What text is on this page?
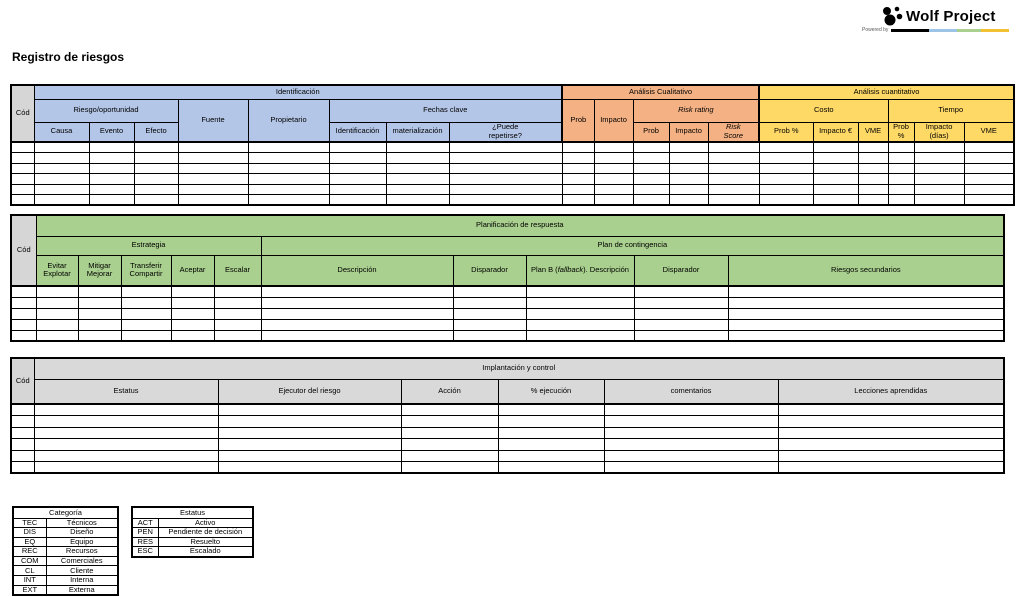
Wolf Project
Powered by
Registro de riesgos
Cód	Identificación								Análisis Cualitativo					Análisis cuantitativo					
	Riesgo/oportunidad			Fuente	Propietario	Fechas clave			Prob	Impacto	Risk rating			Costo			Tiempo		
	Causa	Evento	Efecto			Identificación	materialización	¿Puede repetirse?			Prob	Impacto	Risk Score	Prob %	Impacto €	VME	Prob %	Impacto (días)	VME

Cód	Planificación de respuesta									
	Estrategia					Plan de contingencia				
	Evitar Explotar	Mitigar Mejorar	Transferir Compartir	Aceptar	Escalar	Descripción	Disparador	Plan B (fallback). Descripción	Disparador	Riesgos secundarios

Cód	Implantación y control					
	Estatus	Ejecutor del riesgo	Acción	% ejecución	comentarios	Lecciones aprendidas

Categoría	
TEC	Técnicos
DIS	Diseño
EQ	Equipo
REC	Recursos
COM	Comerciales
CL	Cliente
INT	Interna
EXT	Externa
Estatus	
ACT	Activo
PEN	Pendiente de decisión
RES	Resuelto
ESC	Escalado
